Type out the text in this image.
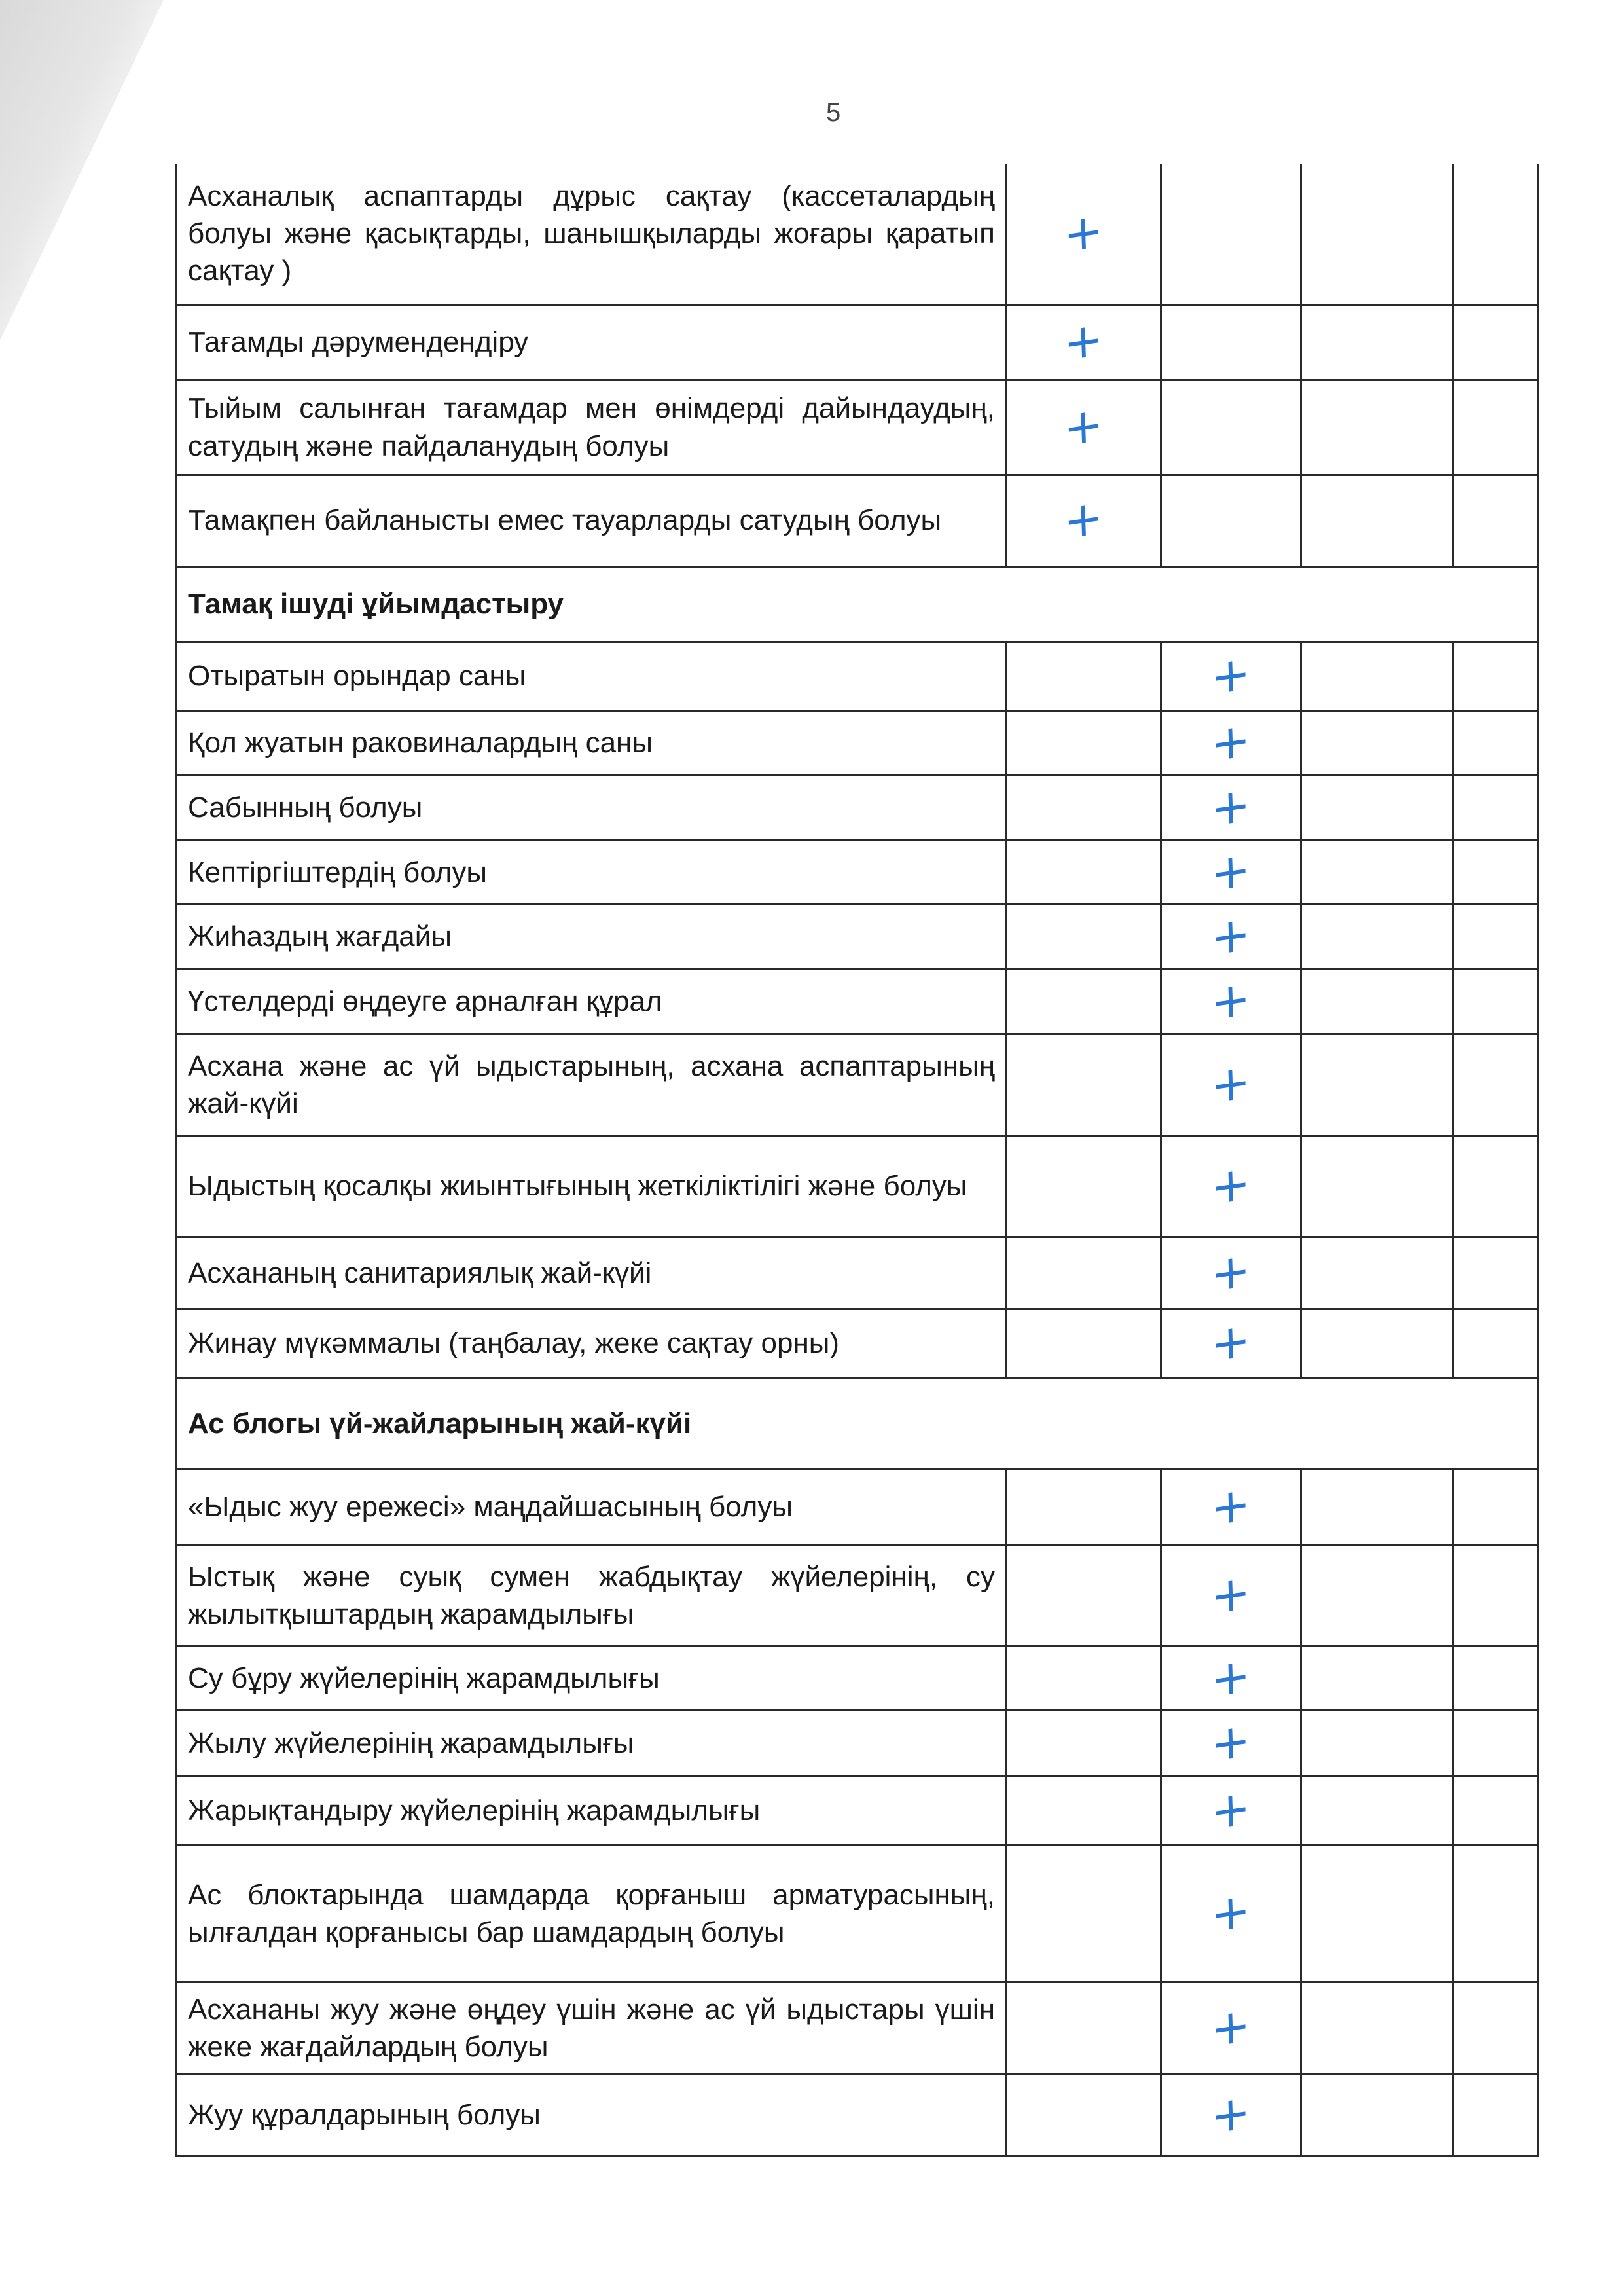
5
Асханалық аспаптарды дұрыс сақтау (кассеталардың болуы және қасықтарды, шанышқыларды жоғары қаратып сақтау )	+			
Тағамды дәрумендендіру	+			
Тыйым салынған тағамдар мен өнімдерді дайындаудың, сатудың және пайдаланудың болуы	+			
Тамақпен байланысты емес тауарларды сатудың болуы	+			
Тамақ ішуді ұйымдастыру				
Отыратын орындар саны		+		
Қол жуатын раковиналардың саны		+		
Сабынның болуы		+		
Кептіргіштердің болуы		+		
Жиһаздың жағдайы		+		
Үстелдерді өңдеуге арналған құрал		+		
Асхана және ас үй ыдыстарының, асхана аспаптарының жай-күйі		+		
Ыдыстың қосалқы жиынтығының жеткіліктілігі және болуы		+		
Асхананың санитариялық жай-күйі		+		
Жинау мүкәммалы (таңбалау, жеке сақтау орны)		+		
Ас блогы үй-жайларының жай-күйі				
«Ыдыс жуу ережесі» маңдайшасының болуы		+		
Ыстық және суық сумен жабдықтау жүйелерінің, су жылытқыштардың жарамдылығы		+		
Су бұру жүйелерінің жарамдылығы		+		
Жылу жүйелерінің жарамдылығы		+		
Жарықтандыру жүйелерінің жарамдылығы		+		
Ас блоктарында шамдарда қорғаныш арматурасының, ылғалдан қорғанысы бар шамдардың болуы		+		
Асхананы жуу және өңдеу үшін және ас үй ыдыстары үшін жеке жағдайлардың болуы		+		
Жуу құралдарының болуы		+		
